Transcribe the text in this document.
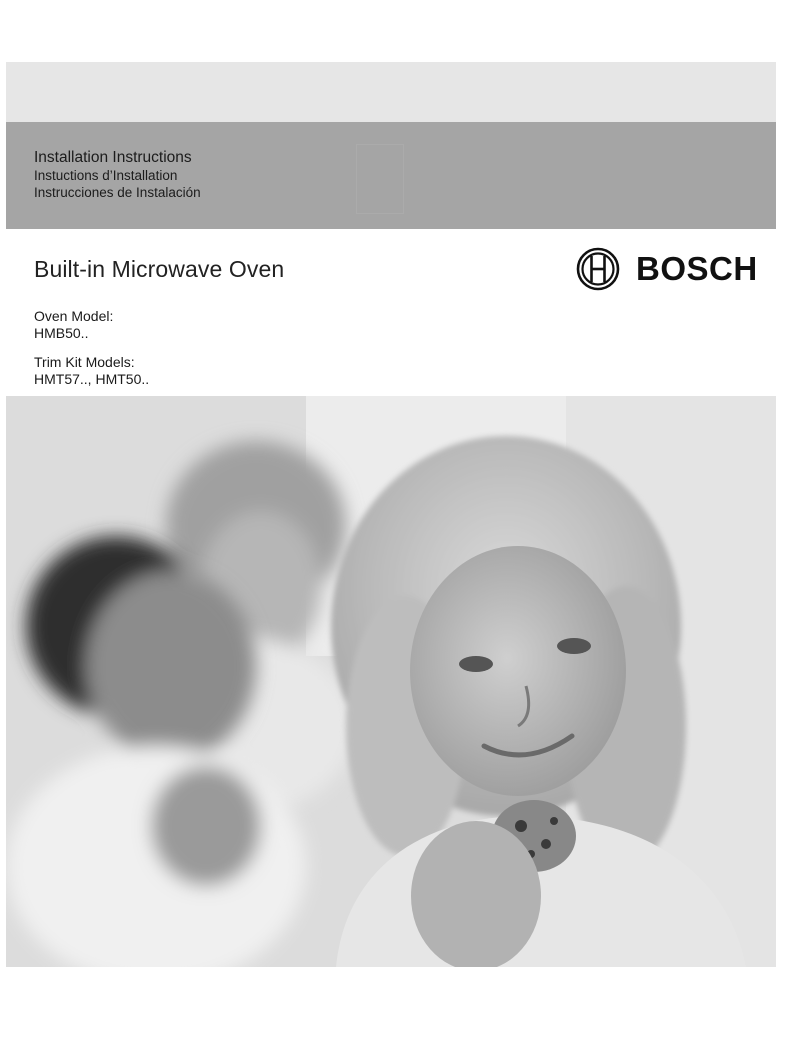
Installation Instructions
Instuctions d’Installation
Instrucciones de Instalación
Built-in Microwave Oven	BOSCH
Oven Model:
HMB50..
Trim Kit Models:
HMT57.., HMT50..
